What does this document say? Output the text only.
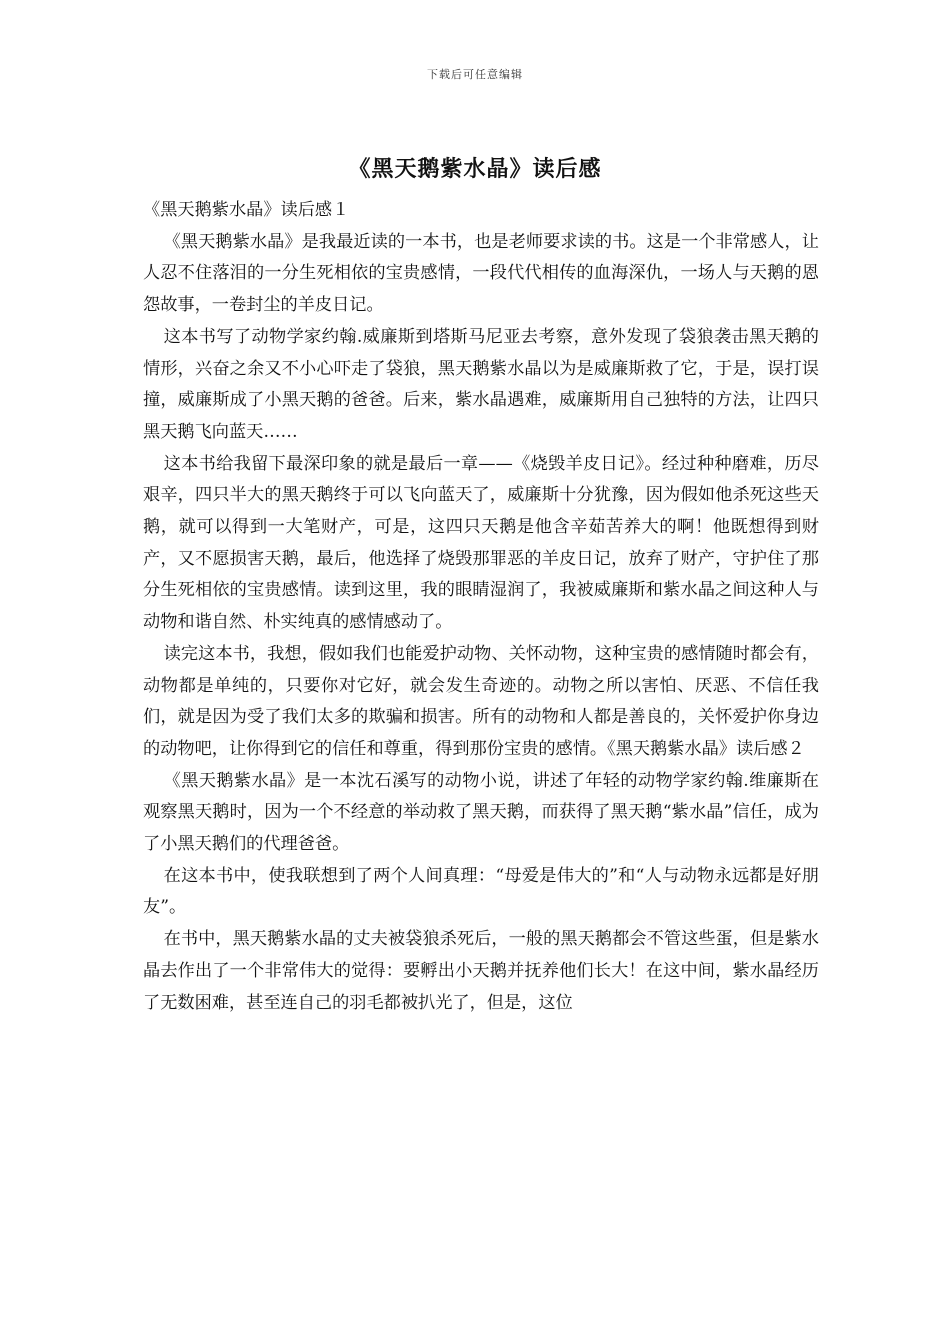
下载后可任意编辑
《黑天鹅紫水晶》读后感

《黑天鹅紫水晶》读后感１

《黑天鹅紫水晶》是我最近读的一本书，也是老师要求读的书。这是一个非常感人，让人忍不住落泪的一分生死相依的宝贵感情，一段代代相传的血海深仇，一场人与天鹅的恩怨故事，一卷封尘的羊皮日记。

这本书写了动物学家约翰.威廉斯到塔斯马尼亚去考察，意外发现了袋狼袭击黑天鹅的情形，兴奋之余又不小心吓走了袋狼，黑天鹅紫水晶以为是威廉斯救了它，于是，误打误撞，威廉斯成了小黑天鹅的爸爸。后来，紫水晶遇难，威廉斯用自己独特的方法，让四只黑天鹅飞向蓝天……

这本书给我留下最深印象的就是最后一章——《烧毁羊皮日记》。经过种种磨难，历尽艰辛，四只半大的黑天鹅终于可以飞向蓝天了，威廉斯十分犹豫，因为假如他杀死这些天鹅，就可以得到一大笔财产，可是，这四只天鹅是他含辛茹苦养大的啊！他既想得到财产，又不愿损害天鹅，最后，他选择了烧毁那罪恶的羊皮日记，放弃了财产，守护住了那分生死相依的宝贵感情。读到这里，我的眼睛湿润了，我被威廉斯和紫水晶之间这种人与动物和谐自然、朴实纯真的感情感动了。

读完这本书，我想，假如我们也能爱护动物、关怀动物，这种宝贵的感情随时都会有，动物都是单纯的，只要你对它好，就会发生奇迹的。动物之所以害怕、厌恶、不信任我们，就是因为受了我们太多的欺骗和损害。所有的动物和人都是善良的，关怀爱护你身边的动物吧，让你得到它的信任和尊重，得到那份宝贵的感情。《黑天鹅紫水晶》读后感２

《黑天鹅紫水晶》是一本沈石溪写的动物小说，讲述了年轻的动物学家约翰.维廉斯在观察黑天鹅时，因为一个不经意的举动救了黑天鹅，而获得了黑天鹅“紫水晶”信任，成为了小黑天鹅们的代理爸爸。

在这本书中，使我联想到了两个人间真理：“母爱是伟大的”和“人与动物永远都是好朋友”。

在书中，黑天鹅紫水晶的丈夫被袋狼杀死后，一般的黑天鹅都会不管这些蛋，但是紫水晶去作出了一个非常伟大的觉得：要孵出小天鹅并抚养他们长大！在这中间，紫水晶经历了无数困难，甚至连自己的羽毛都被扒光了，但是，这位
